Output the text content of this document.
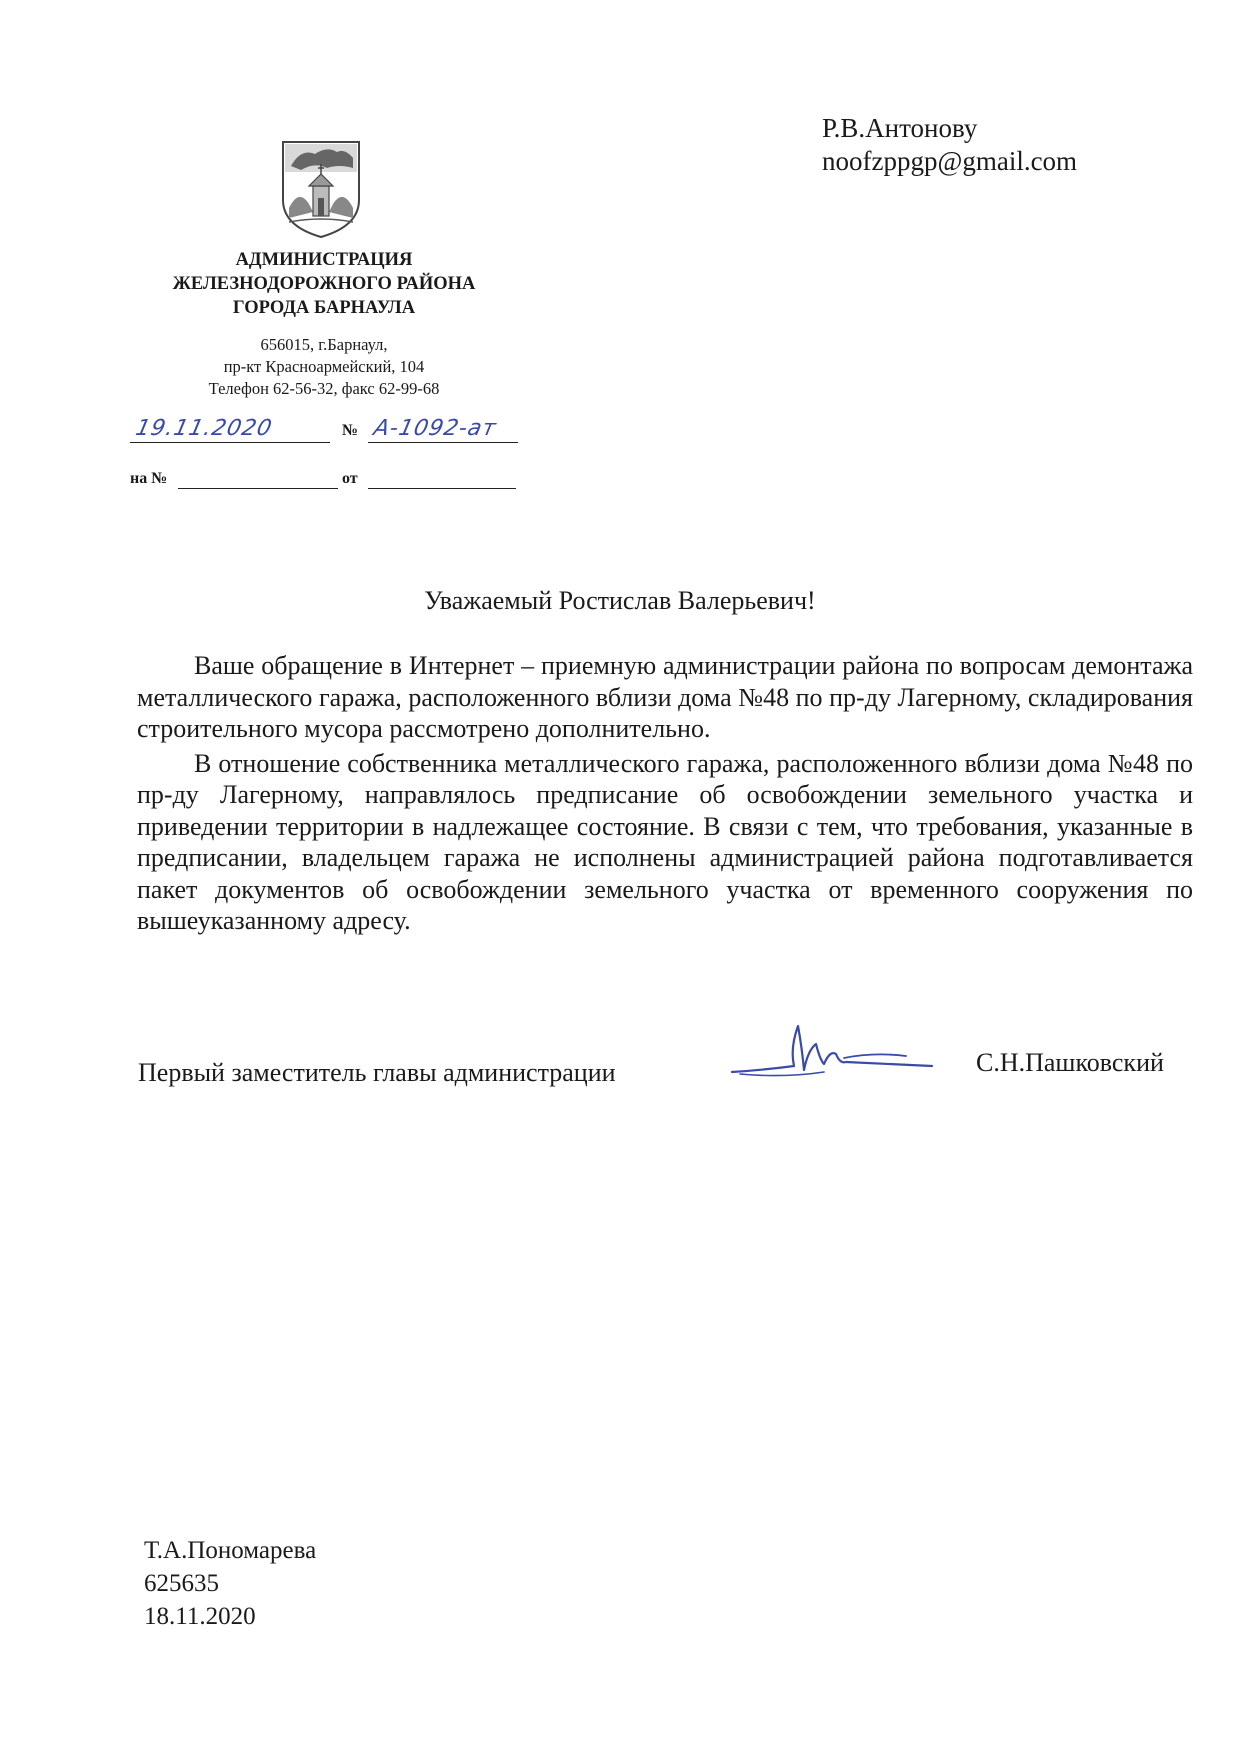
Р.В.Антонову
noofzppgp@gmail.com
АДМИНИСТРАЦИЯ
ЖЕЛЕЗНОДОРОЖНОГО РАЙОНА
ГОРОДА БАРНАУЛА
656015, г.Барнаул,
пр-кт Красноармейский, 104
Телефон 62-56-32, факс 62-99-68
19.11.2020	№ А-1092-ат
на №	от
Уважаемый Ростислав Валерьевич!

Ваше обращение в Интернет – приемную администрации района по вопросам демонтажа металлического гаража, расположенного вблизи дома №48 по пр-ду Лагерному, складирования строительного мусора рассмотрено дополнительно.

В отношение собственника металлического гаража, расположенного вблизи дома №48 по пр-ду Лагерному, направлялось предписание об освобождении земельного участка и приведении территории в надлежащее состояние. В связи с тем, что требования, указанные в предписании, владельцем гаража не исполнены администрацией района подготавливается пакет документов об освобождении земельного участка от временного сооружения по вышеуказанному адресу.

Первый заместитель главы администрации	С.Н.Пашковский
Т.А.Пономарева
625635
18.11.2020
